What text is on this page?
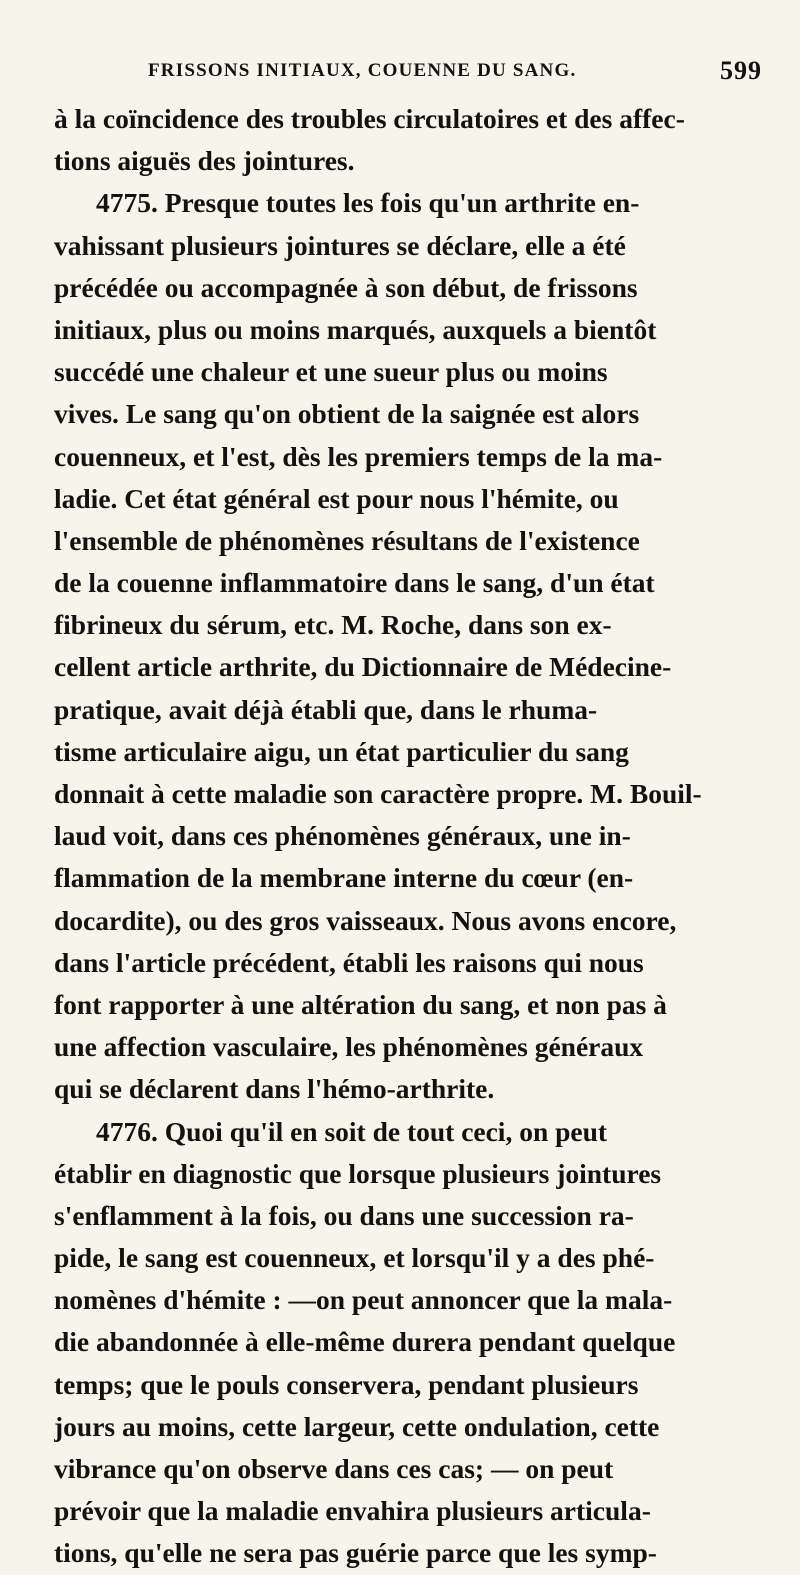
FRISSONS INITIAUX, COUENNE DU SANG.	599
à la coïncidence des troubles circulatoires et des affec-
tions aiguës des jointures.
4775. Presque toutes les fois qu'un arthrite en-
vahissant plusieurs jointures se déclare, elle a été
précédée ou accompagnée à son début, de frissons
initiaux, plus ou moins marqués, auxquels a bientôt
succédé une chaleur et une sueur plus ou moins
vives. Le sang qu'on obtient de la saignée est alors
couenneux, et l'est, dès les premiers temps de la ma-
ladie. Cet état général est pour nous l'hémite, ou
l'ensemble de phénomènes résultans de l'existence
de la couenne inflammatoire dans le sang, d'un état
fibrineux du sérum, etc. M. Roche, dans son ex-
cellent article arthrite, du Dictionnaire de Médecine-
pratique, avait déjà établi que, dans le rhuma-
tisme articulaire aigu, un état particulier du sang
donnait à cette maladie son caractère propre. M. Bouil-
laud voit, dans ces phénomènes généraux, une in-
flammation de la membrane interne du cœur (en-
docardite), ou des gros vaisseaux. Nous avons encore,
dans l'article précédent, établi les raisons qui nous
font rapporter à une altération du sang, et non pas à
une affection vasculaire, les phénomènes généraux
qui se déclarent dans l'hémo-arthrite.
4776. Quoi qu'il en soit de tout ceci, on peut
établir en diagnostic que lorsque plusieurs jointures
s'enflamment à la fois, ou dans une succession ra-
pide, le sang est couenneux, et lorsqu'il y a des phé-
nomènes d'hémite : —on peut annoncer que la mala-
die abandonnée à elle-même durera pendant quelque
temps; que le pouls conservera, pendant plusieurs
jours au moins, cette largeur, cette ondulation, cette
vibrance qu'on observe dans ces cas; — on peut
prévoir que la maladie envahira plusieurs articula-
tions, qu'elle ne sera pas guérie parce que les symp-
